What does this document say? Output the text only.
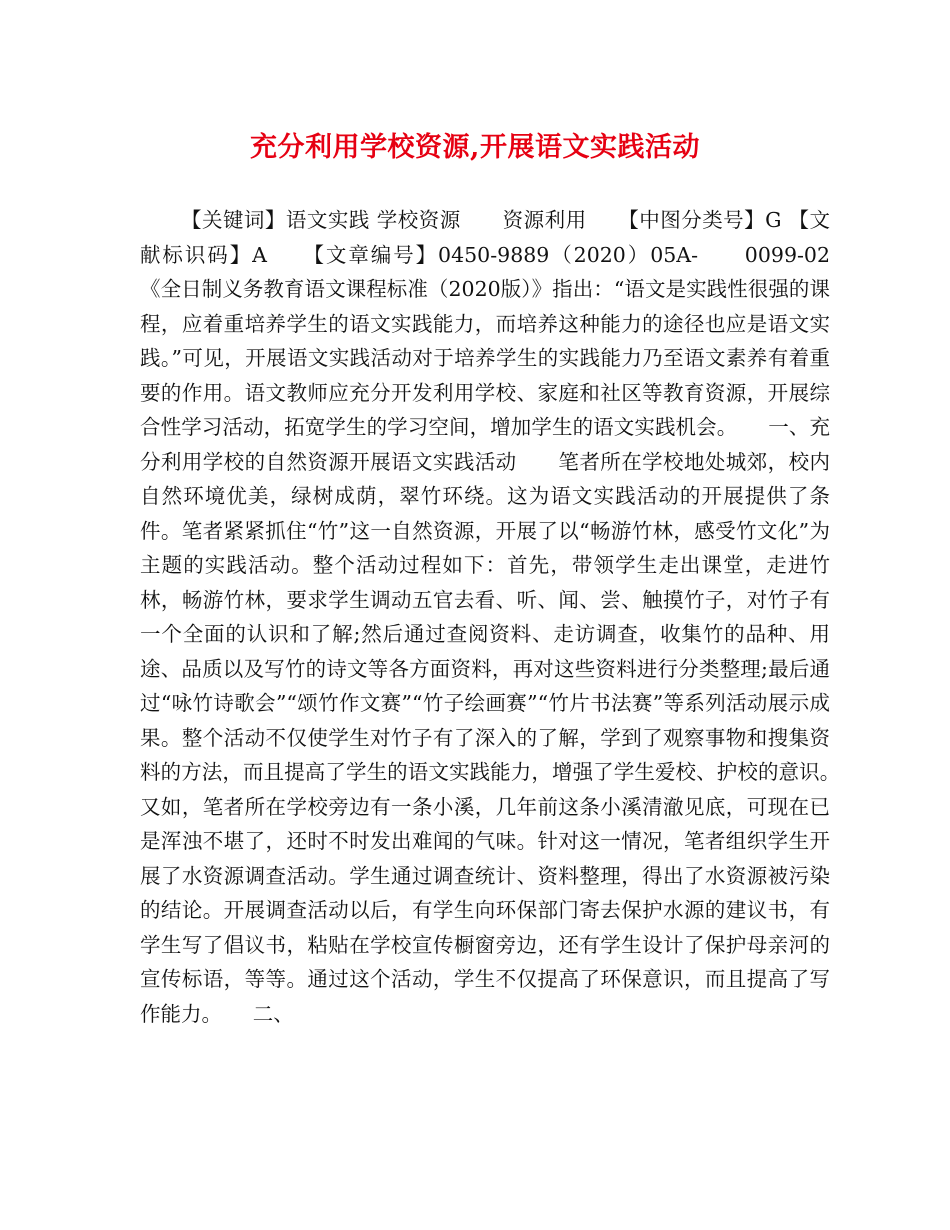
充分利用学校资源,开展语文实践活动
【关键词】语文实践 学校资源　　资源利用　　【中图分类号】G 【文献标识码】A　　【文章编号】0450-9889（2020）05A-　　0099-02　　《全日制义务教育语文课程标准（2020版）》指出：“语文是实践性很强的课程，应着重培养学生的语文实践能力，而培养这种能力的途径也应是语文实践。”可见，开展语文实践活动对于培养学生的实践能力乃至语文素养有着重要的作用。语文教师应充分开发利用学校、家庭和社区等教育资源，开展综合性学习活动，拓宽学生的学习空间，增加学生的语文实践机会。　　一、充分利用学校的自然资源开展语文实践活动　　笔者所在学校地处城郊，校内自然环境优美，绿树成荫，翠竹环绕。这为语文实践活动的开展提供了条件。笔者紧紧抓住“竹”这一自然资源，开展了以“畅游竹林，感受竹文化”为主题的实践活动。整个活动过程如下：首先，带领学生走出课堂，走进竹林，畅游竹林，要求学生调动五官去看、听、闻、尝、触摸竹子，对竹子有一个全面的认识和了解;然后通过查阅资料、走访调查，收集竹的品种、用途、品质以及写竹的诗文等各方面资料，再对这些资料进行分类整理;最后通过“咏竹诗歌会”“颂竹作文赛”“竹子绘画赛”“竹片书法赛”等系列活动展示成果。整个活动不仅使学生对竹子有了深入的了解，学到了观察事物和搜集资料的方法，而且提高了学生的语文实践能力，增强了学生爱校、护校的意识。　　又如，笔者所在学校旁边有一条小溪，几年前这条小溪清澈见底，可现在已是浑浊不堪了，还时不时发出难闻的气味。针对这一情况，笔者组织学生开展了水资源调查活动。学生通过调查统计、资料整理，得出了水资源被污染的结论。开展调查活动以后，有学生向环保部门寄去保护水源的建议书，有学生写了倡议书，粘贴在学校宣传橱窗旁边，还有学生设计了保护母亲河的宣传标语，等等。通过这个活动，学生不仅提高了环保意识，而且提高了写作能力。　　二、
